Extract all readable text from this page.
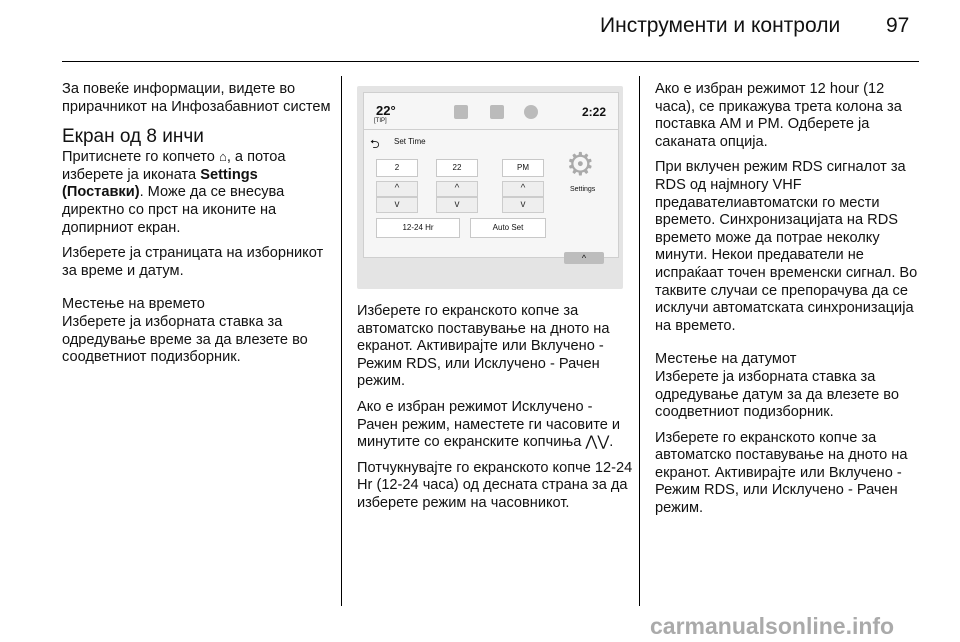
Инструменти и контроли 97

За повеќе информации, видете во прирачникот на Инфозабавниот систем

Екран од 8 инчи

Притиснете го копчето ⌂, а потоа изберете ја иконата Settings (Поставки). Може да се внесува директно со прст на иконите на допирниот екран.

Изберете ја страницата на изборникот за време и датум.

Местење на времето

Изберете ја изборната ставка за одредување време за да влезете во соодветниот подизборник.

22°
[TIP]
2:22
⮌ Set Time
2	22	PM
^
v
^
v
^
v
12-24 Hr	Auto Set
⚙
Settings
^

Изберете го екранското копче за автоматско поставување на дното на екранот. Активирајте или Вклучено - Режим RDS, или Исклучено - Рачен режим.

Ако е избран режимот Исклучено - Рачен режим, наместете ги часовите и минутите со екранските копчиња ⋀⋁.

Потчукнувајте го екранското копче 12-24 Hr (12-24 часа) од десната страна за да изберете режим на часовникот.

Ако е избран режимот 12 hour (12 часа), се прикажува трета колона за поставка AM и PM. Одберете ја саканата опција.

При вклучен режим RDS сигналот за RDS од најмногу VHF предавателиавтоматски го мести времето. Синхронизацијата на RDS времето може да потрае неколку минути. Некои предаватели не испраќаат точен временски сигнал. Во таквите случаи се препорачува да се исклучи автоматската синхронизација на времето.

Местење на датумот

Изберете ја изборната ставка за одредување датум за да влезете во соодветниот подизборник.

Изберете го екранското копче за автоматско поставување на дното на екранот. Активирајте или Вклучено - Режим RDS, или Исклучено - Рачен режим.

carmanualsonline.info
